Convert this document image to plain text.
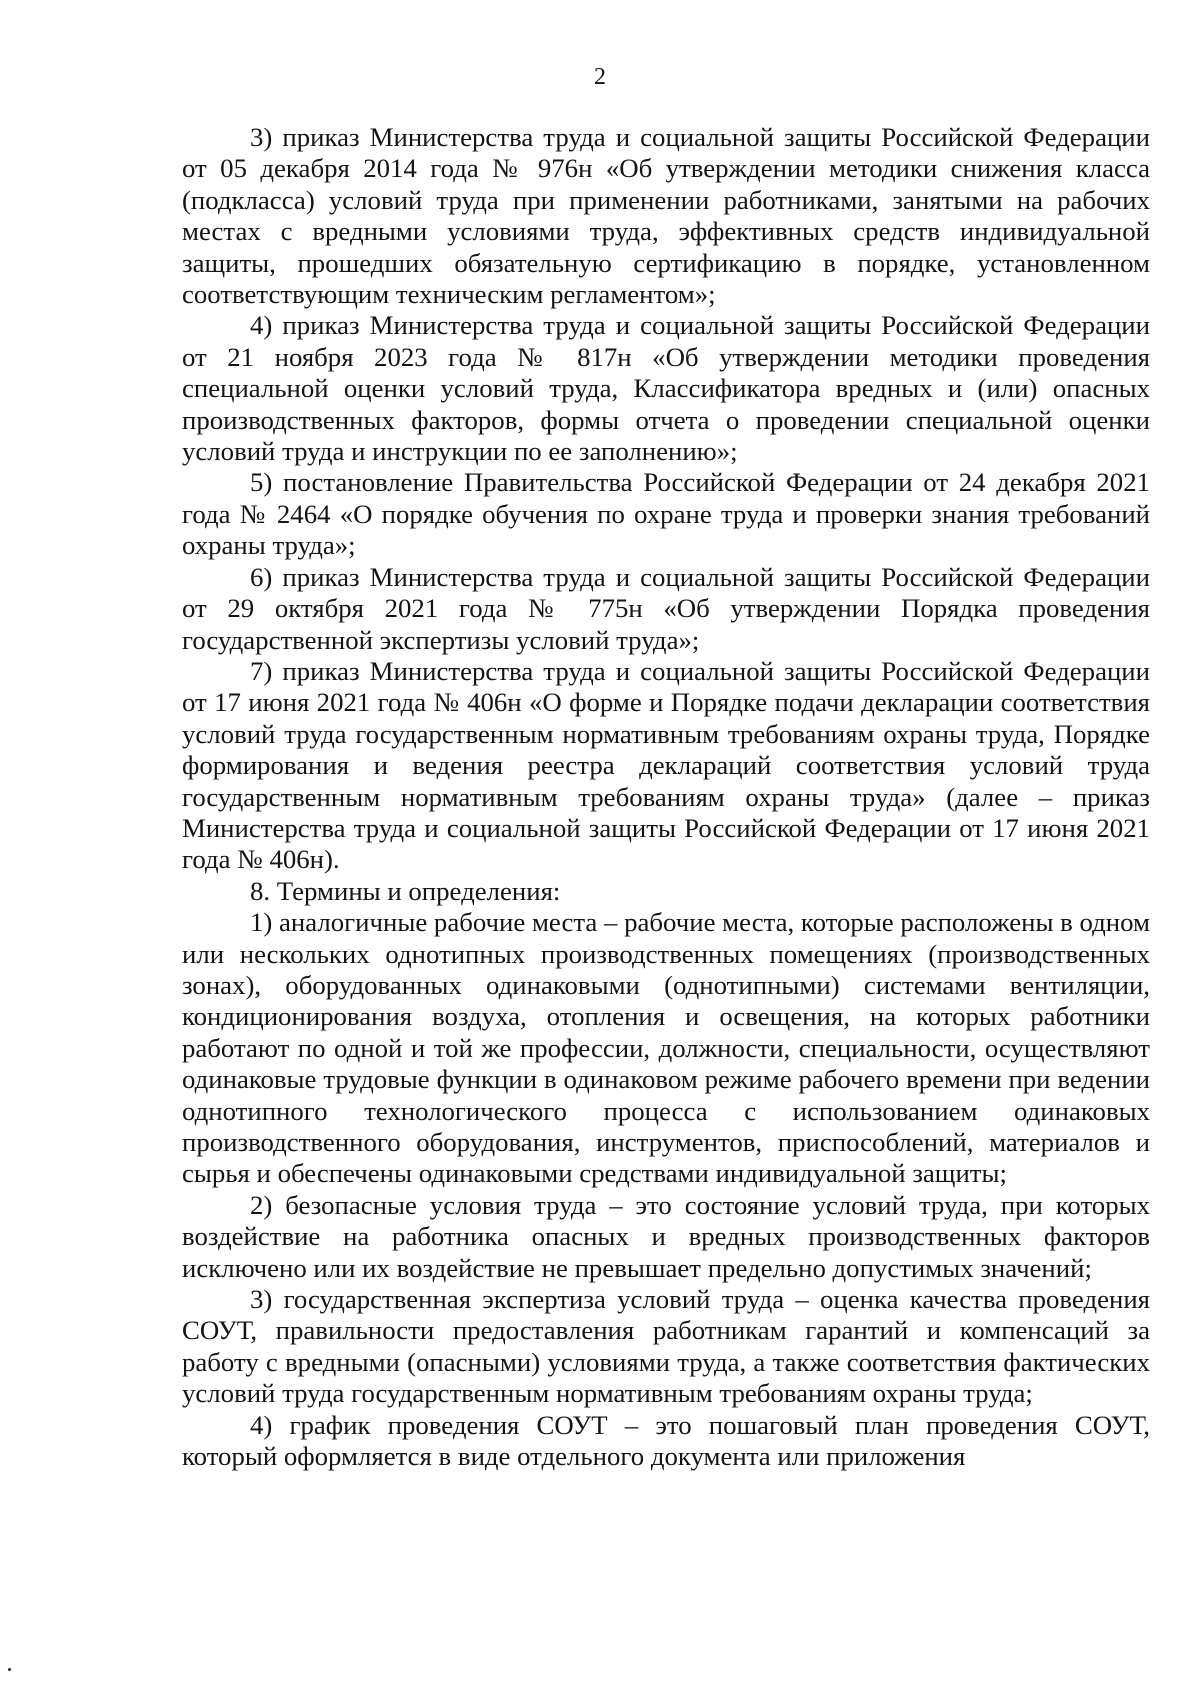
2

3) приказ Министерства труда и социальной защиты Российской Федерации от 05 декабря 2014 года № 976н «Об утверждении методики снижения класса (подкласса) условий труда при применении работниками, занятыми на рабочих местах с вредными условиями труда, эффективных средств индивидуальной защиты, прошедших обязательную сертификацию в порядке, установленном соответствующим техническим регламентом»;

4) приказ Министерства труда и социальной защиты Российской Федерации от 21 ноября 2023 года № 817н «Об утверждении методики проведения специальной оценки условий труда, Классификатора вредных и (или) опасных производственных факторов, формы отчета о проведении специальной оценки условий труда и инструкции по ее заполнению»;

5) постановление Правительства Российской Федерации от 24 декабря 2021 года № 2464 «О порядке обучения по охране труда и проверки знания требований охраны труда»;

6) приказ Министерства труда и социальной защиты Российской Федерации от 29 октября 2021 года № 775н «Об утверждении Порядка проведения государственной экспертизы условий труда»;

7) приказ Министерства труда и социальной защиты Российской Федерации от 17 июня 2021 года № 406н «О форме и Порядке подачи декларации соответствия условий труда государственным нормативным требованиям охраны труда, Порядке формирования и ведения реестра деклараций соответствия условий труда государственным нормативным требованиям охраны труда» (далее – приказ Министерства труда и социальной защиты Российской Федерации от 17 июня 2021 года № 406н).

8. Термины и определения:

1) аналогичные рабочие места – рабочие места, которые расположены в одном или нескольких однотипных производственных помещениях (производственных зонах), оборудованных одинаковыми (однотипными) системами вентиляции, кондиционирования воздуха, отопления и освещения, на которых работники работают по одной и той же профессии, должности, специальности, осуществляют одинаковые трудовые функции в одинаковом режиме рабочего времени при ведении однотипного технологического процесса с использованием одинаковых производственного оборудования, инструментов, приспособлений, материалов и сырья и обеспечены одинаковыми средствами индивидуальной защиты;

2) безопасные условия труда – это состояние условий труда, при которых воздействие на работника опасных и вредных производственных факторов исключено или их воздействие не превышает предельно допустимых значений;

3) государственная экспертиза условий труда – оценка качества проведения СОУТ, правильности предоставления работникам гарантий и компенсаций за работу с вредными (опасными) условиями труда, а также соответствия фактических условий труда государственным нормативным требованиям охраны труда;

4) график проведения СОУТ – это пошаговый план проведения СОУТ, который оформляется в виде отдельного документа или приложения
